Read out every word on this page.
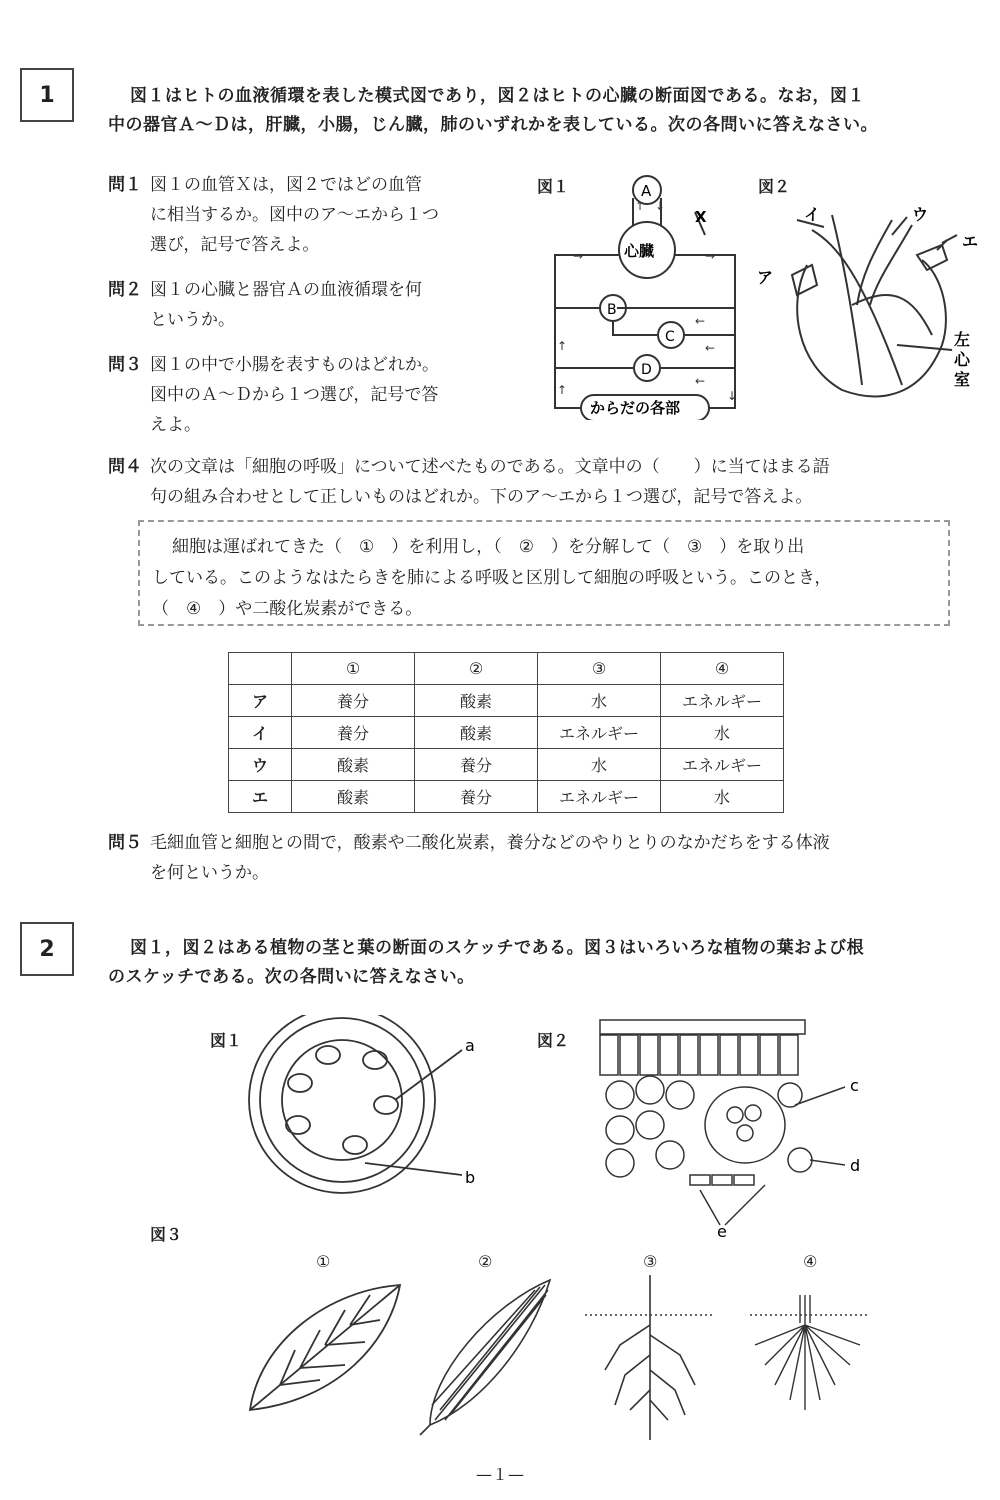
1	図１はヒトの血液循環を表した模式図であり，図２はヒトの心臓の断面図である。なお，図１
中の器官Ａ～Ｄは，肝臓，小腸，じん臓，肺のいずれかを表している。次の各問いに答えなさい。
問１ 図１の血管Ｘは，図２ではどの血管
に相当するか。図中のア～エから１つ
選び，記号で答えよ。
問２ 図１の心臓と器官Ａの血液循環を何
というか。
問３ 図１の中で小腸を表すものはどれか。
図中のＡ～Ｄから１つ選び，記号で答
えよ。
図１
↑ ↓
→	→
←
←
←
↑
↓
↑
A
心臓
B
C
D
X
からだの各部
図２
イ	ウ
エ
ア
左
心
室
問４ 次の文章は「細胞の呼吸」について述べたものである。文章中の（　　）に当てはまる語
句の組み合わせとして正しいものはどれか。下のア～エから１つ選び，記号で答えよ。
細胞は運ばれてきた（　①　）を利用し，（　②　）を分解して（　③　）を取り出
している。このようなはたらきを肺による呼吸と区別して細胞の呼吸という。このとき，
（　④　）や二酸化炭素ができる。
	①	②	③	④
ア	養分	酸素	水	エネルギー
イ	養分	酸素	エネルギー	水
ウ	酸素	養分	水	エネルギー
エ	酸素	養分	エネルギー	水
問５ 毛細血管と細胞との間で，酸素や二酸化炭素，養分などのやりとりのなかだちをする体液
を何というか。
2	図１，図２はある植物の茎と葉の断面のスケッチである。図３はいろいろな植物の葉および根
のスケッチである。次の各問いに答えなさい。
図１	a
b
図２
c
d
e
図３
①	②	③	④
—１—
